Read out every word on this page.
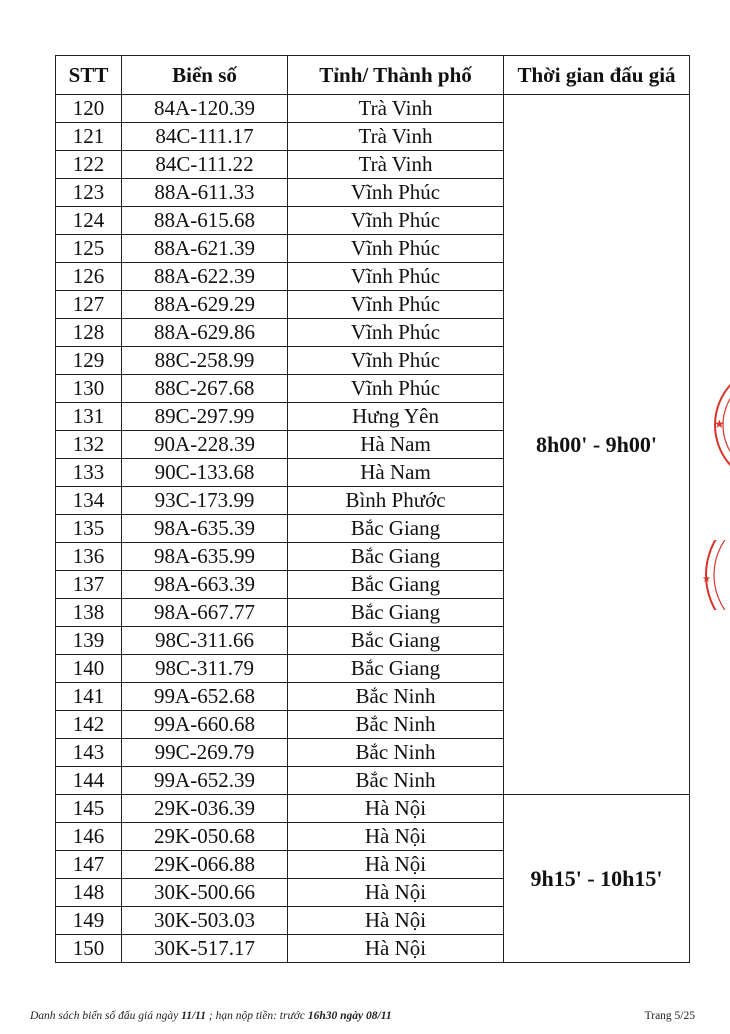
STT	Biển số	Tỉnh/ Thành phố	Thời gian đấu giá
120	84A-120.39	Trà Vinh	8h00' - 9h00'
121	84C-111.17	Trà Vinh	
122	84C-111.22	Trà Vinh	
123	88A-611.33	Vĩnh Phúc	
124	88A-615.68	Vĩnh Phúc	
125	88A-621.39	Vĩnh Phúc	
126	88A-622.39	Vĩnh Phúc	
127	88A-629.29	Vĩnh Phúc	
128	88A-629.86	Vĩnh Phúc	
129	88C-258.99	Vĩnh Phúc	
130	88C-267.68	Vĩnh Phúc	
131	89C-297.99	Hưng Yên	
132	90A-228.39	Hà Nam	
133	90C-133.68	Hà Nam	
134	93C-173.99	Bình Phước	
135	98A-635.39	Bắc Giang	
136	98A-635.99	Bắc Giang	
137	98A-663.39	Bắc Giang	
138	98A-667.77	Bắc Giang	
139	98C-311.66	Bắc Giang	
140	98C-311.79	Bắc Giang	
141	99A-652.68	Bắc Ninh	
142	99A-660.68	Bắc Ninh	
143	99C-269.79	Bắc Ninh	
144	99A-652.39	Bắc Ninh	
145	29K-036.39	Hà Nội	9h15' - 10h15'
146	29K-050.68	Hà Nội	
147	29K-066.88	Hà Nội	
148	30K-500.66	Hà Nội	
149	30K-503.03	Hà Nội	
150	30K-517.17	Hà Nội	
Danh sách biển số đấu giá ngày 11/11 ; hạn nộp tiền: trước 16h30 ngày 08/11	Trang 5/25
★
★
